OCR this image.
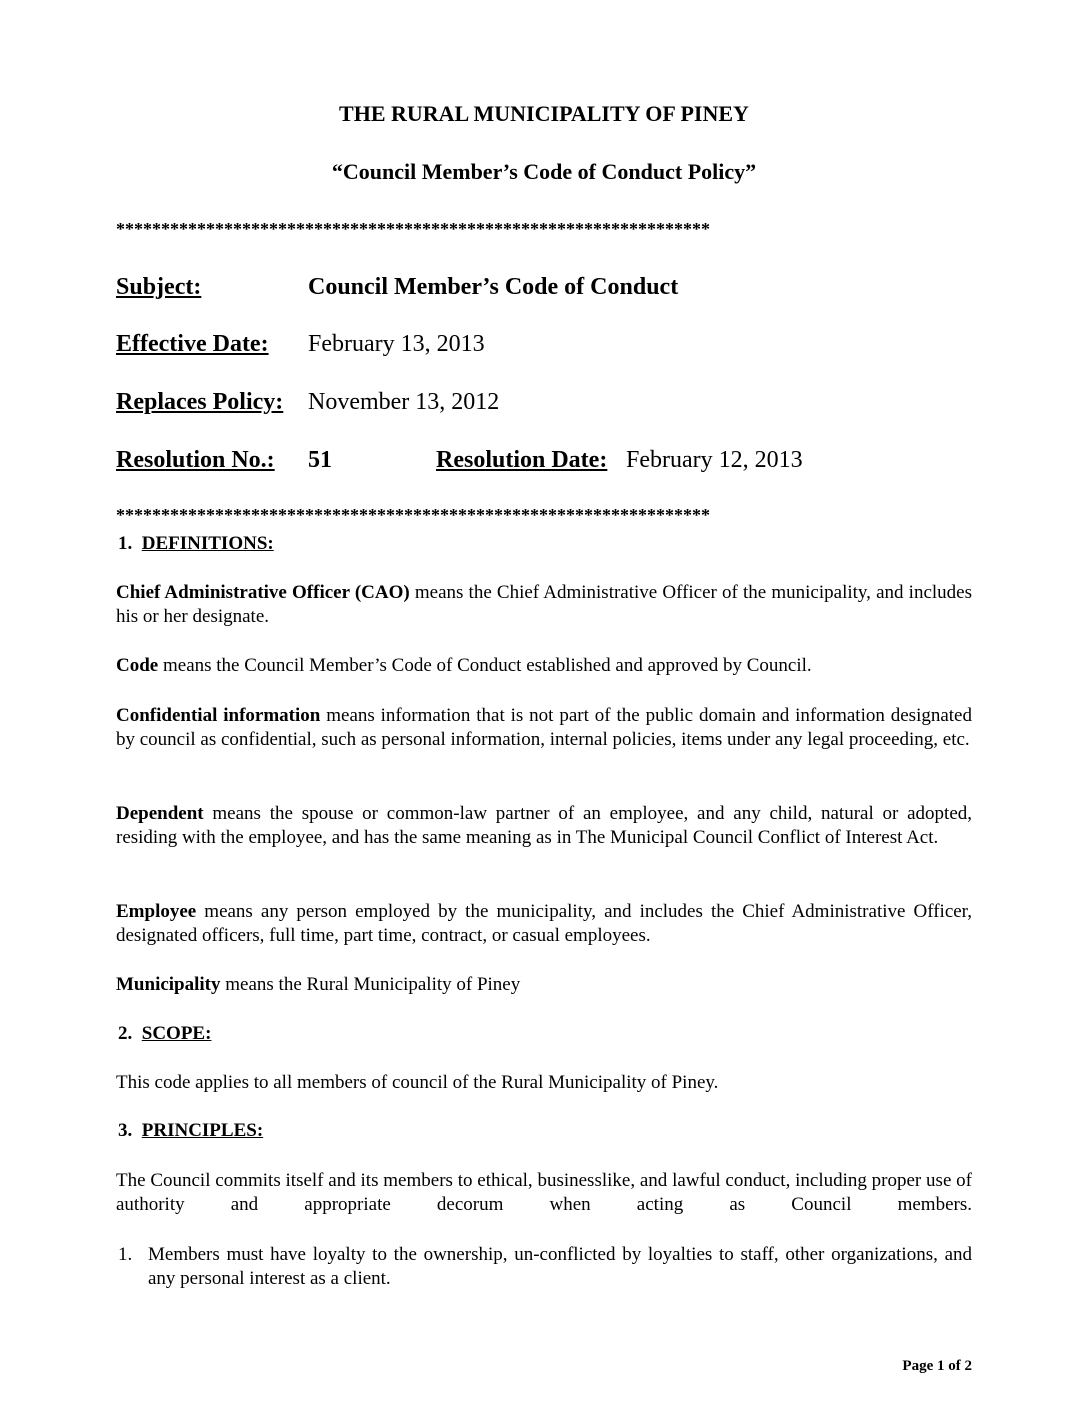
THE RURAL MUNICIPALITY OF PINEY
“Council Member’s Code of Conduct Policy”
******************************************************************
Subject:	Council Member’s Code of Conduct
Effective Date: February 13, 2013
Replaces Policy: November 13, 2012
Resolution No.: 51	Resolution Date: February 12, 2013
******************************************************************
1. DEFINITIONS:
Chief Administrative Officer (CAO) means the Chief Administrative Officer of the municipality, and includes his or her designate.
Code means the Council Member’s Code of Conduct established and approved by Council.
Confidential information means information that is not part of the public domain and information designated by council as confidential, such as personal information, internal policies, items under any legal proceeding, etc.
Dependent means the spouse or common-law partner of an employee, and any child, natural or adopted, residing with the employee, and has the same meaning as in The Municipal Council Conflict of Interest Act.
Employee means any person employed by the municipality, and includes the Chief Administrative Officer, designated officers, full time, part time, contract, or casual employees.
Municipality means the Rural Municipality of Piney
2. SCOPE:
This code applies to all members of council of the Rural Municipality of Piney.
3. PRINCIPLES:
The Council commits itself and its members to ethical, businesslike, and lawful conduct, including proper use of authority and appropriate decorum when acting as Council members.
1. Members must have loyalty to the ownership, un-conflicted by loyalties to staff, other organizations, and any personal interest as a client.
Page 1 of 2
